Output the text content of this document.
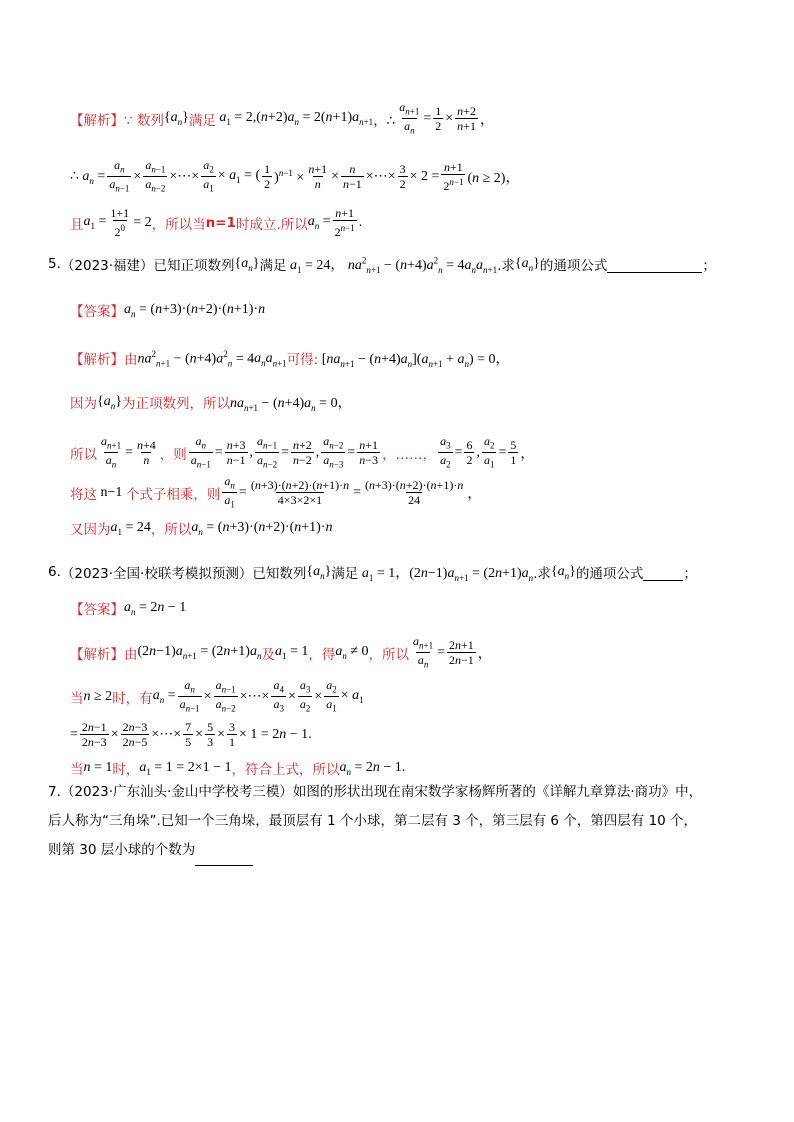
【解析】 ∵ 数列 $\{a_n\}$ 满足 $a_1 = 2,(n+2)a_n = 2(n+1)a_{n+1}$ ，∴ $\frac{a_{n+1}}{a_n} = \frac{1}{2} \times \frac{n+2}{n+1}$ ，
∴ $a_n = \frac{a_n}{a_{n-1}} \times \frac{a_{n-1}}{a_{n-2}}$ ×⋯× $\frac{a_2}{a_1} \times a_1$ = ( $\frac{1}{2} )^{n-1} \times \frac{n+1}{n} \times \frac{n}{n-1}$ ×⋯× $\frac{3}{2} \times 2 = \frac{n+1}{2^{n-1}} (n \ge 2)$，
且 $a_1 = \frac{1+1}{2^0} = 2$ ，所以当 n=1 时成立.所以 $a_n = \frac{n+1}{2^{n-1}}$ .
5. （2023·福建） 已知正项数列 $\{a_n\}$ 满足 $a_1 = 24$， $na^2_{n+1} - (n+4)a^2_n = 4a_na_{n+1}$ .求 $\{a_n\}$ 的通项公式
	；
【答案】 $a_n = (n+3)\cdot(n+2)\cdot(n+1)\cdot n$
【解析】 由 $na^2_{n+1} - (n+4)a^2_n = 4a_na_{n+1}$ 可得: $[na_{n+1} - (n+4)a_n](a_{n+1} + a_n) = 0$，
因为 $\{a_n\}$ 为正项数列，所以 $na_{n+1} - (n+4)a_n = 0$，
所以 $\frac{a_{n+1}}{a_n} = \frac{n+4}{n}$ ，则 $\frac{a_n}{a_{n-1}} = \frac{n+3}{n-1}$ , $\frac{a_{n-1}}{a_{n-2}} = \frac{n+2}{n-2}$ , $\frac{a_{n-2}}{a_{n-3}} = \frac{n+1}{n-3}$ ，……， $\frac{a_3}{a_2} = \frac{6}{2}$ , $\frac{a_2}{a_1} = \frac{5}{1}$ ，
将这 n−1 个式子相乘，则 $\frac{a_n}{a_1} = \frac{(n+3)\cdot(n+2)\cdot(n+1)\cdot n}{4\times 3\times 2\times 1} = \frac{(n+3)\cdot(n+2)\cdot(n+1)\cdot n}{24}$ ，
又因为 $a_1 = 24$ ，所以 $a_n = (n+3)\cdot(n+2)\cdot(n+1)\cdot n$
6. （2023·全国·校联考模拟预测） 已知数列 $\{a_n\}$ 满足 $a_1 = 1$，$(2n-1)a_{n+1} = (2n+1)a_n$ .求 $\{a_n\}$ 的通项公式
	；
【答案】 $a_n = 2n - 1$
【解析】 由 $(2n-1)a_{n+1} = (2n+1)a_n$ 及 $a_1 = 1$ ，得 $a_n \ne 0$ ，所以 $\frac{a_{n+1}}{a_n} = \frac{2n+1}{2n-1}$ ，
当 n ≥ 2 时，有 $a_n = \frac{a_n}{a_{n-1}} \times \frac{a_{n-1}}{a_{n-2}}$ ×⋯× $\frac{a_4}{a_3} \times \frac{a_3}{a_2} \times \frac{a_2}{a_1} \times a_1$
= $\frac{2n-1}{2n-3} \times \frac{2n-3}{2n-5}$ ×⋯× $\frac{7}{5} \times \frac{5}{3} \times \frac{3}{1} \times 1 = 2n - 1$.
当 n = 1 时， $a_1 = 1 = 2\times 1 - 1$ ，符合上式，所以 $a_n = 2n - 1$.
7.（2023·广东汕头·金山中学校考三模）如图的形状出现在南宋数学家杨辉所著的《详解九章算法·商功》中，
后人称为“三角垛”.已知一个三角垛，最顶层有 1 个小球，第二层有 3 个，第三层有 6 个，第四层有 10 个，
则第 30 层小球的个数为
